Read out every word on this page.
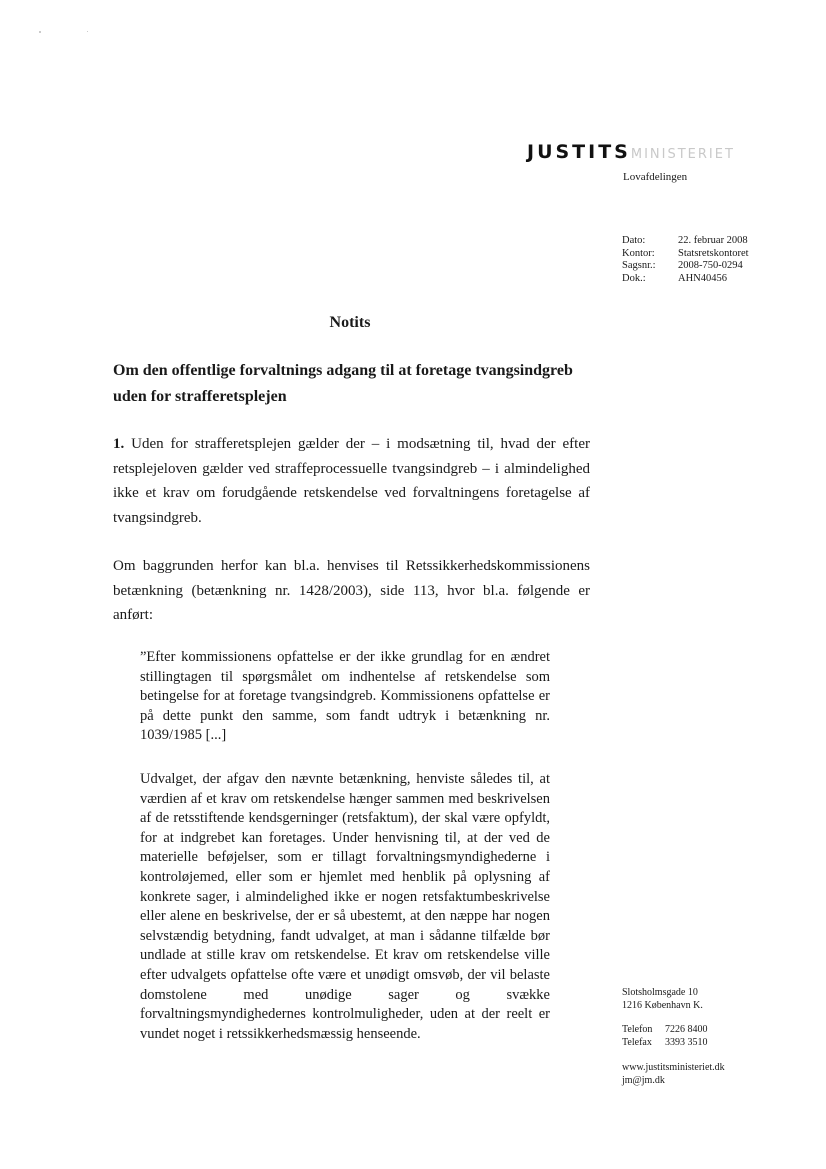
JUSTITSMINISTERIET
Lovafdelingen
Dato:	22. februar 2008
Kontor:	Statsretskontoret
Sagsnr.:	2008-750-0294
Dok.:	AHN40456
Notits
Om den offentlige forvaltnings adgang til at foretage tvangsindgreb uden for strafferetsplejen
1. Uden for strafferetsplejen gælder der – i modsætning til, hvad der efter retsplejeloven gælder ved straffeprocessuelle tvangsindgreb – i almindelighed ikke et krav om forudgående retskendelse ved forvaltningens foretagelse af tvangsindgreb.
Om baggrunden herfor kan bl.a. henvises til Retssikkerhedskommissionens betænkning (betænkning nr. 1428/2003), side 113, hvor bl.a. følgende er anført:
”Efter kommissionens opfattelse er der ikke grundlag for en ændret stillingtagen til spørgsmålet om indhentelse af retskendelse som betingelse for at foretage tvangsindgreb. Kommissionens opfattelse er på dette punkt den samme, som fandt udtryk i betænkning nr. 1039/1985 [...]
Udvalget, der afgav den nævnte betænkning, henviste således til, at værdien af et krav om retskendelse hænger sammen med beskrivelsen af de retsstiftende kendsgerninger (retsfaktum), der skal være opfyldt, for at indgrebet kan foretages. Under henvisning til, at der ved de materielle beføjelser, som er tillagt forvaltningsmyndighederne i kontroløjemed, eller som er hjemlet med henblik på oplysning af konkrete sager, i almindelighed ikke er nogen retsfaktumbeskrivelse eller alene en beskrivelse, der er så ubestemt, at den næppe har nogen selvstændig betydning, fandt udvalget, at man i sådanne tilfælde bør undlade at stille krav om retskendelse. Et krav om retskendelse ville efter udvalgets opfattelse ofte være et unødigt omsvøb, der vil belaste domstolene med unødige sager og svække forvaltningsmyndighedernes kontrolmuligheder, uden at der reelt er vundet noget i retssikkerhedsmæssig henseende.
Slotsholmsgade 10
1216 København K.
Telefon 7226 8400
Telefax 3393 3510
www.justitsministeriet.dk
jm@jm.dk
